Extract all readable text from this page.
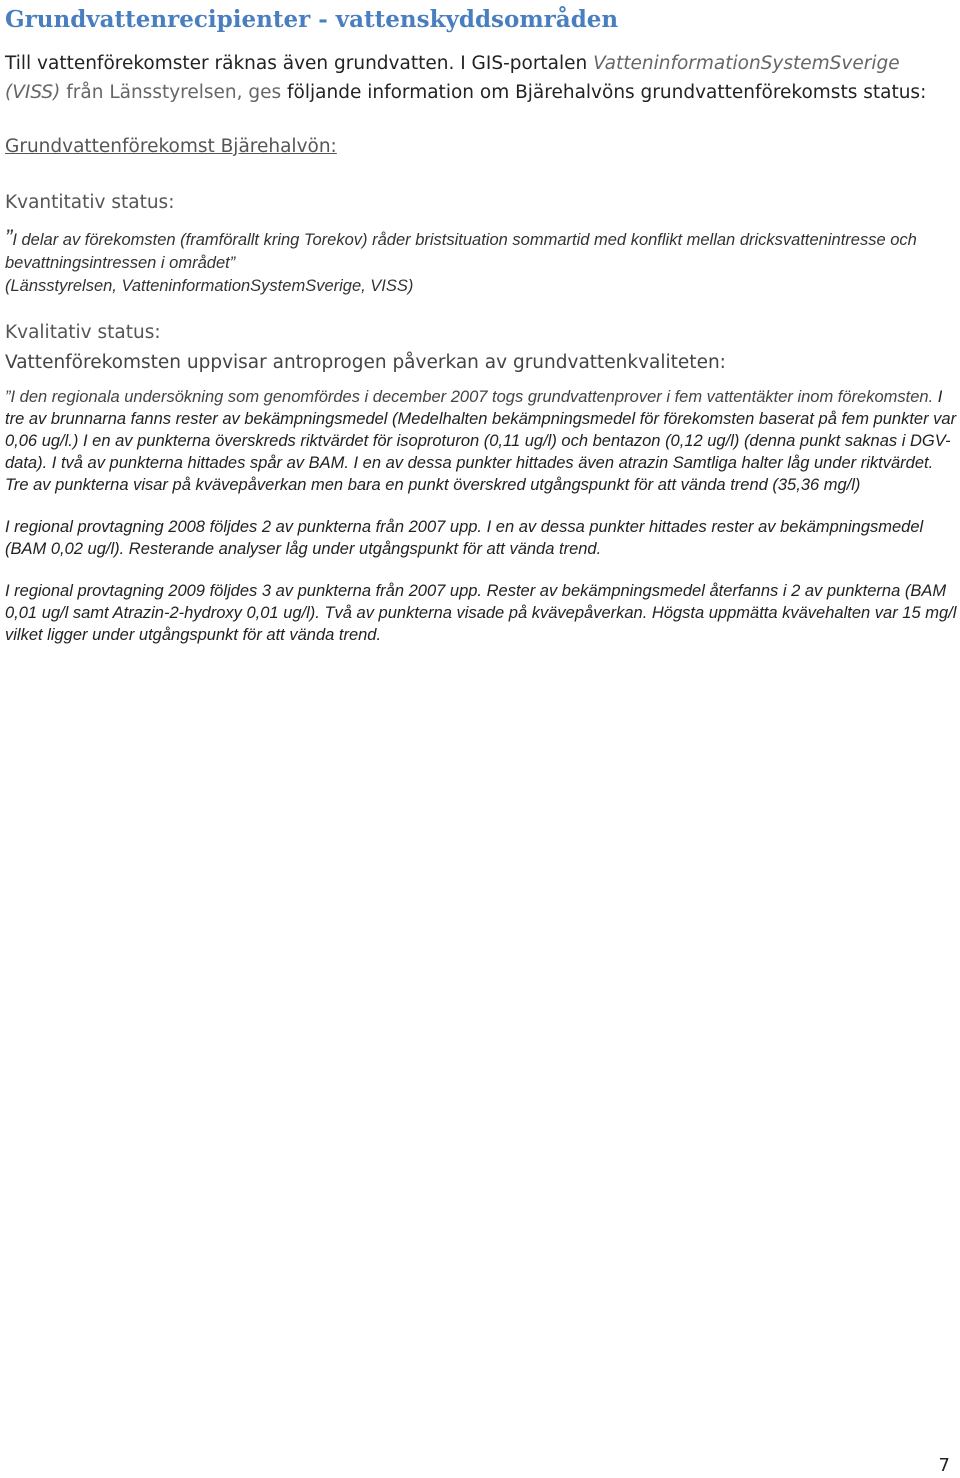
Grundvattenrecipienter - vattenskyddsområden

Till vattenförekomster räknas även grundvatten. I GIS-portalen VatteninformationSystemSverige (VISS) från Länsstyrelsen, ges följande information om Bjärehalvöns grundvattenförekomsts status:

Grundvattenförekomst Bjärehalvön:
Kvantitativ status:
”I delar av förekomsten (framförallt kring Torekov) råder bristsituation sommartid med konflikt mellan dricksvattenintresse och bevattningsintressen i området”
(Länsstyrelsen, VatteninformationSystemSverige, VISS)
Kvalitativ status:
Vattenförekomsten uppvisar antroprogen påverkan av grundvattenkvaliteten:

”I den regionala undersökning som genomfördes i december 2007 togs grundvattenprover i fem vattentäkter inom förekomsten. I tre av brunnarna fanns rester av bekämpningsmedel (Medelhalten bekämpningsmedel för förekomsten baserat på fem punkter var 0,06 ug/l.) I en av punkterna överskreds riktvärdet för isoproturon (0,11 ug/l) och bentazon (0,12 ug/l) (denna punkt saknas i DGV-data). I två av punkterna hittades spår av BAM. I en av dessa punkter hittades även atrazin Samtliga halter låg under riktvärdet. Tre av punkterna visar på kvävepåverkan men bara en punkt överskred utgångspunkt för att vända trend (35,36 mg/l)

I regional provtagning 2008 följdes 2 av punkterna från 2007 upp. I en av dessa punkter hittades rester av bekämpningsmedel (BAM 0,02 ug/l). Resterande analyser låg under utgångspunkt för att vända trend.

I regional provtagning 2009 följdes 3 av punkterna från 2007 upp. Rester av bekämpningsmedel återfanns i 2 av punkterna (BAM 0,01 ug/l samt Atrazin-2-hydroxy 0,01 ug/l). Två av punkterna visade på kvävepåverkan. Högsta uppmätta kvävehalten var 15 mg/l vilket ligger under utgångspunkt för att vända trend.

7
